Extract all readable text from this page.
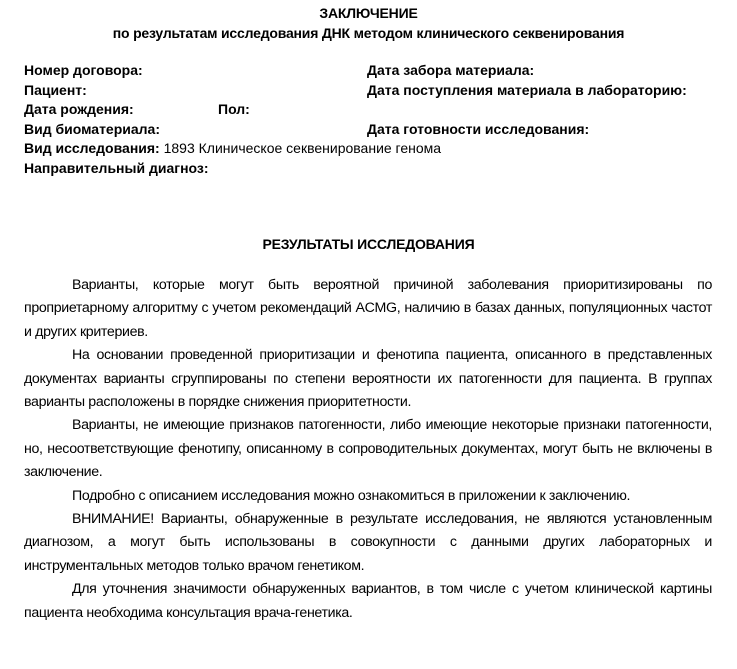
ЗАКЛЮЧЕНИЕ
по результатам исследования ДНК методом клинического секвенирования
Номер договора:
Пациент:
Дата рождения:	Пол:
Вид биоматериала:
Вид исследования: 1893 Клиническое секвенирование генома
Направительный диагноз:
Дата забора материала:
Дата поступления материала в лабораторию:
Дата готовности исследования:
РЕЗУЛЬТАТЫ ИССЛЕДОВАНИЯ

Варианты, которые могут быть вероятной причиной заболевания приоритизированы по проприетарному алгоритму с учетом рекомендаций ACMG, наличию в базах данных, популяционных частот и других критериев.

На основании проведенной приоритизации и фенотипа пациента, описанного в представленных документах варианты сгруппированы по степени вероятности их патогенности для пациента. В группах варианты расположены в порядке снижения приоритетности.

Варианты, не имеющие признаков патогенности, либо имеющие некоторые признаки патогенности, но, несоответствующие фенотипу, описанному в сопроводительных документах, могут быть не включены в заключение.

Подробно с описанием исследования можно ознакомиться в приложении к заключению.

ВНИМАНИЕ! Варианты, обнаруженные в результате исследования, не являются установленным диагнозом, а могут быть использованы в совокупности с данными других лабораторных и инструментальных методов только врачом генетиком.

Для уточнения значимости обнаруженных вариантов, в том числе с учетом клинической картины пациента необходима консультация врача-генетика.
